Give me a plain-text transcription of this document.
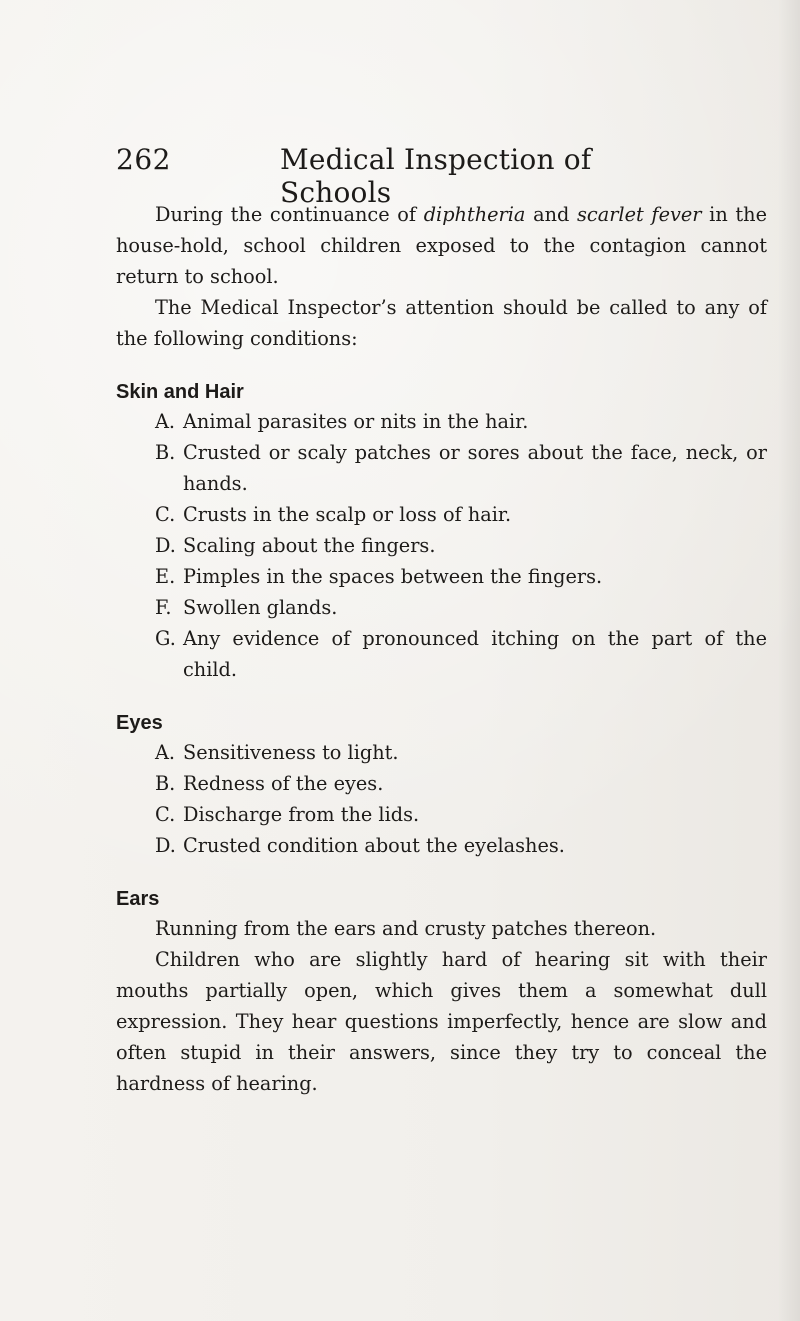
262	Medical Inspection of Schools

During the continuance of diphtheria and scarlet fever in the house-hold, school children exposed to the contagion cannot return to school.

The Medical Inspector’s attention should be called to any of the following conditions:

Skin and Hair
A. Animal parasites or nits in the hair.
B. Crusted or scaly patches or sores about the face, neck, or hands.
C. Crusts in the scalp or loss of hair.
D. Scaling about the fingers.
E. Pimples in the spaces between the fingers.
F. Swollen glands.
G. Any evidence of pronounced itching on the part of the child.
Eyes
A. Sensitiveness to light.
B. Redness of the eyes.
C. Discharge from the lids.
D. Crusted condition about the eyelashes.
Ears

Running from the ears and crusty patches thereon.

Children who are slightly hard of hearing sit with their mouths partially open, which gives them a somewhat dull expression. They hear questions imperfectly, hence are slow and often stupid in their answers, since they try to conceal the hardness of hearing.
